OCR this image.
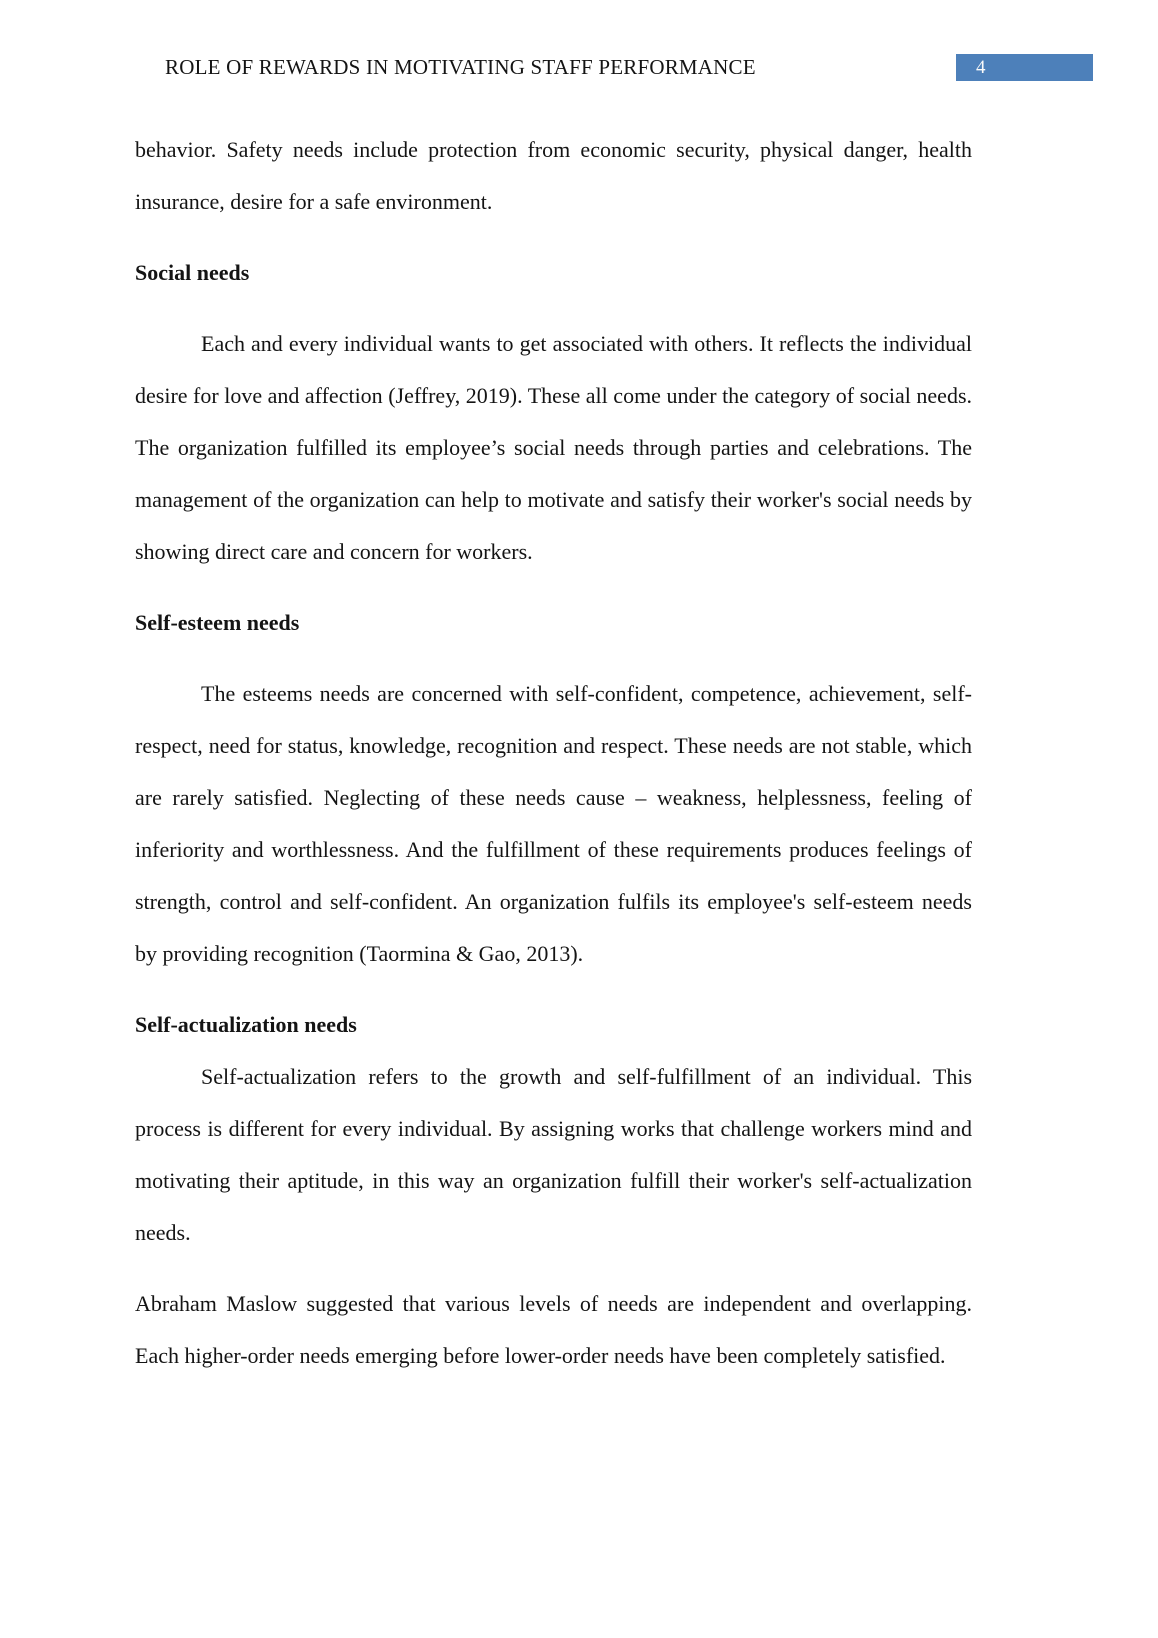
ROLE OF REWARDS IN MOTIVATING STAFF PERFORMANCE	4

behavior. Safety needs include protection from economic security, physical danger, health insurance, desire for a safe environment.

Social needs

Each and every individual wants to get associated with others. It reflects the individual desire for love and affection (Jeffrey, 2019). These all come under the category of social needs. The organization fulfilled its employee’s social needs through parties and celebrations. The management of the organization can help to motivate and satisfy their worker's social needs by showing direct care and concern for workers.

Self-esteem needs

The esteems needs are concerned with self-confident, competence, achievement, self-respect, need for status, knowledge, recognition and respect. These needs are not stable, which are rarely satisfied. Neglecting of these needs cause – weakness, helplessness, feeling of inferiority and worthlessness. And the fulfillment of these requirements produces feelings of strength, control and self-confident. An organization fulfils its employee's self-esteem needs by providing recognition (Taormina & Gao, 2013).

Self-actualization needs

Self-actualization refers to the growth and self-fulfillment of an individual. This process is different for every individual. By assigning works that challenge workers mind and motivating their aptitude, in this way an organization fulfill their worker's self-actualization needs.

Abraham Maslow suggested that various levels of needs are independent and overlapping. Each higher-order needs emerging before lower-order needs have been completely satisfied.
